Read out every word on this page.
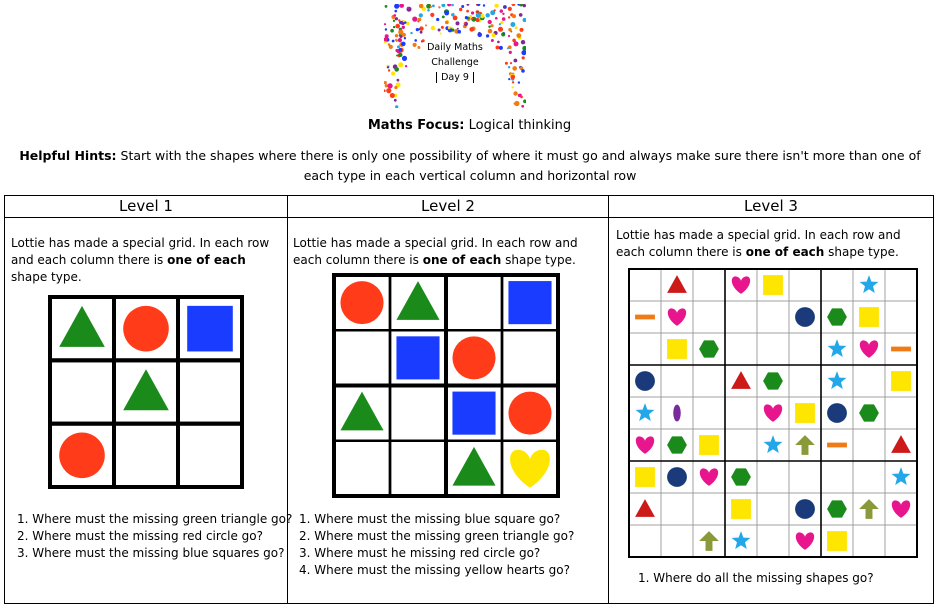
Daily Maths
Challenge
Day 9
Maths Focus: Logical thinking
Helpful Hints: Start with the shapes where there is only one possibility of where it must go and always make sure there isn't more than one of each type in each vertical column and horizontal row
Level 1	Level 2	Level 3
Lottie has made a special grid. In each row and each column there is one of each shape type.
1. Where must the missing green triangle go?
2. Where must the missing red circle go?
3. Where must the missing blue squares go?
Lottie has made a special grid. In each row and each column there is one of each shape type.
1. Where must the missing blue square go?
2. Where must the missing green triangle go?
3. Where must he missing red circle go?
4. Where must the missing yellow hearts go?
Lottie has made a special grid. In each row and each column there is one of each shape type.
1. Where do all the missing shapes go?
